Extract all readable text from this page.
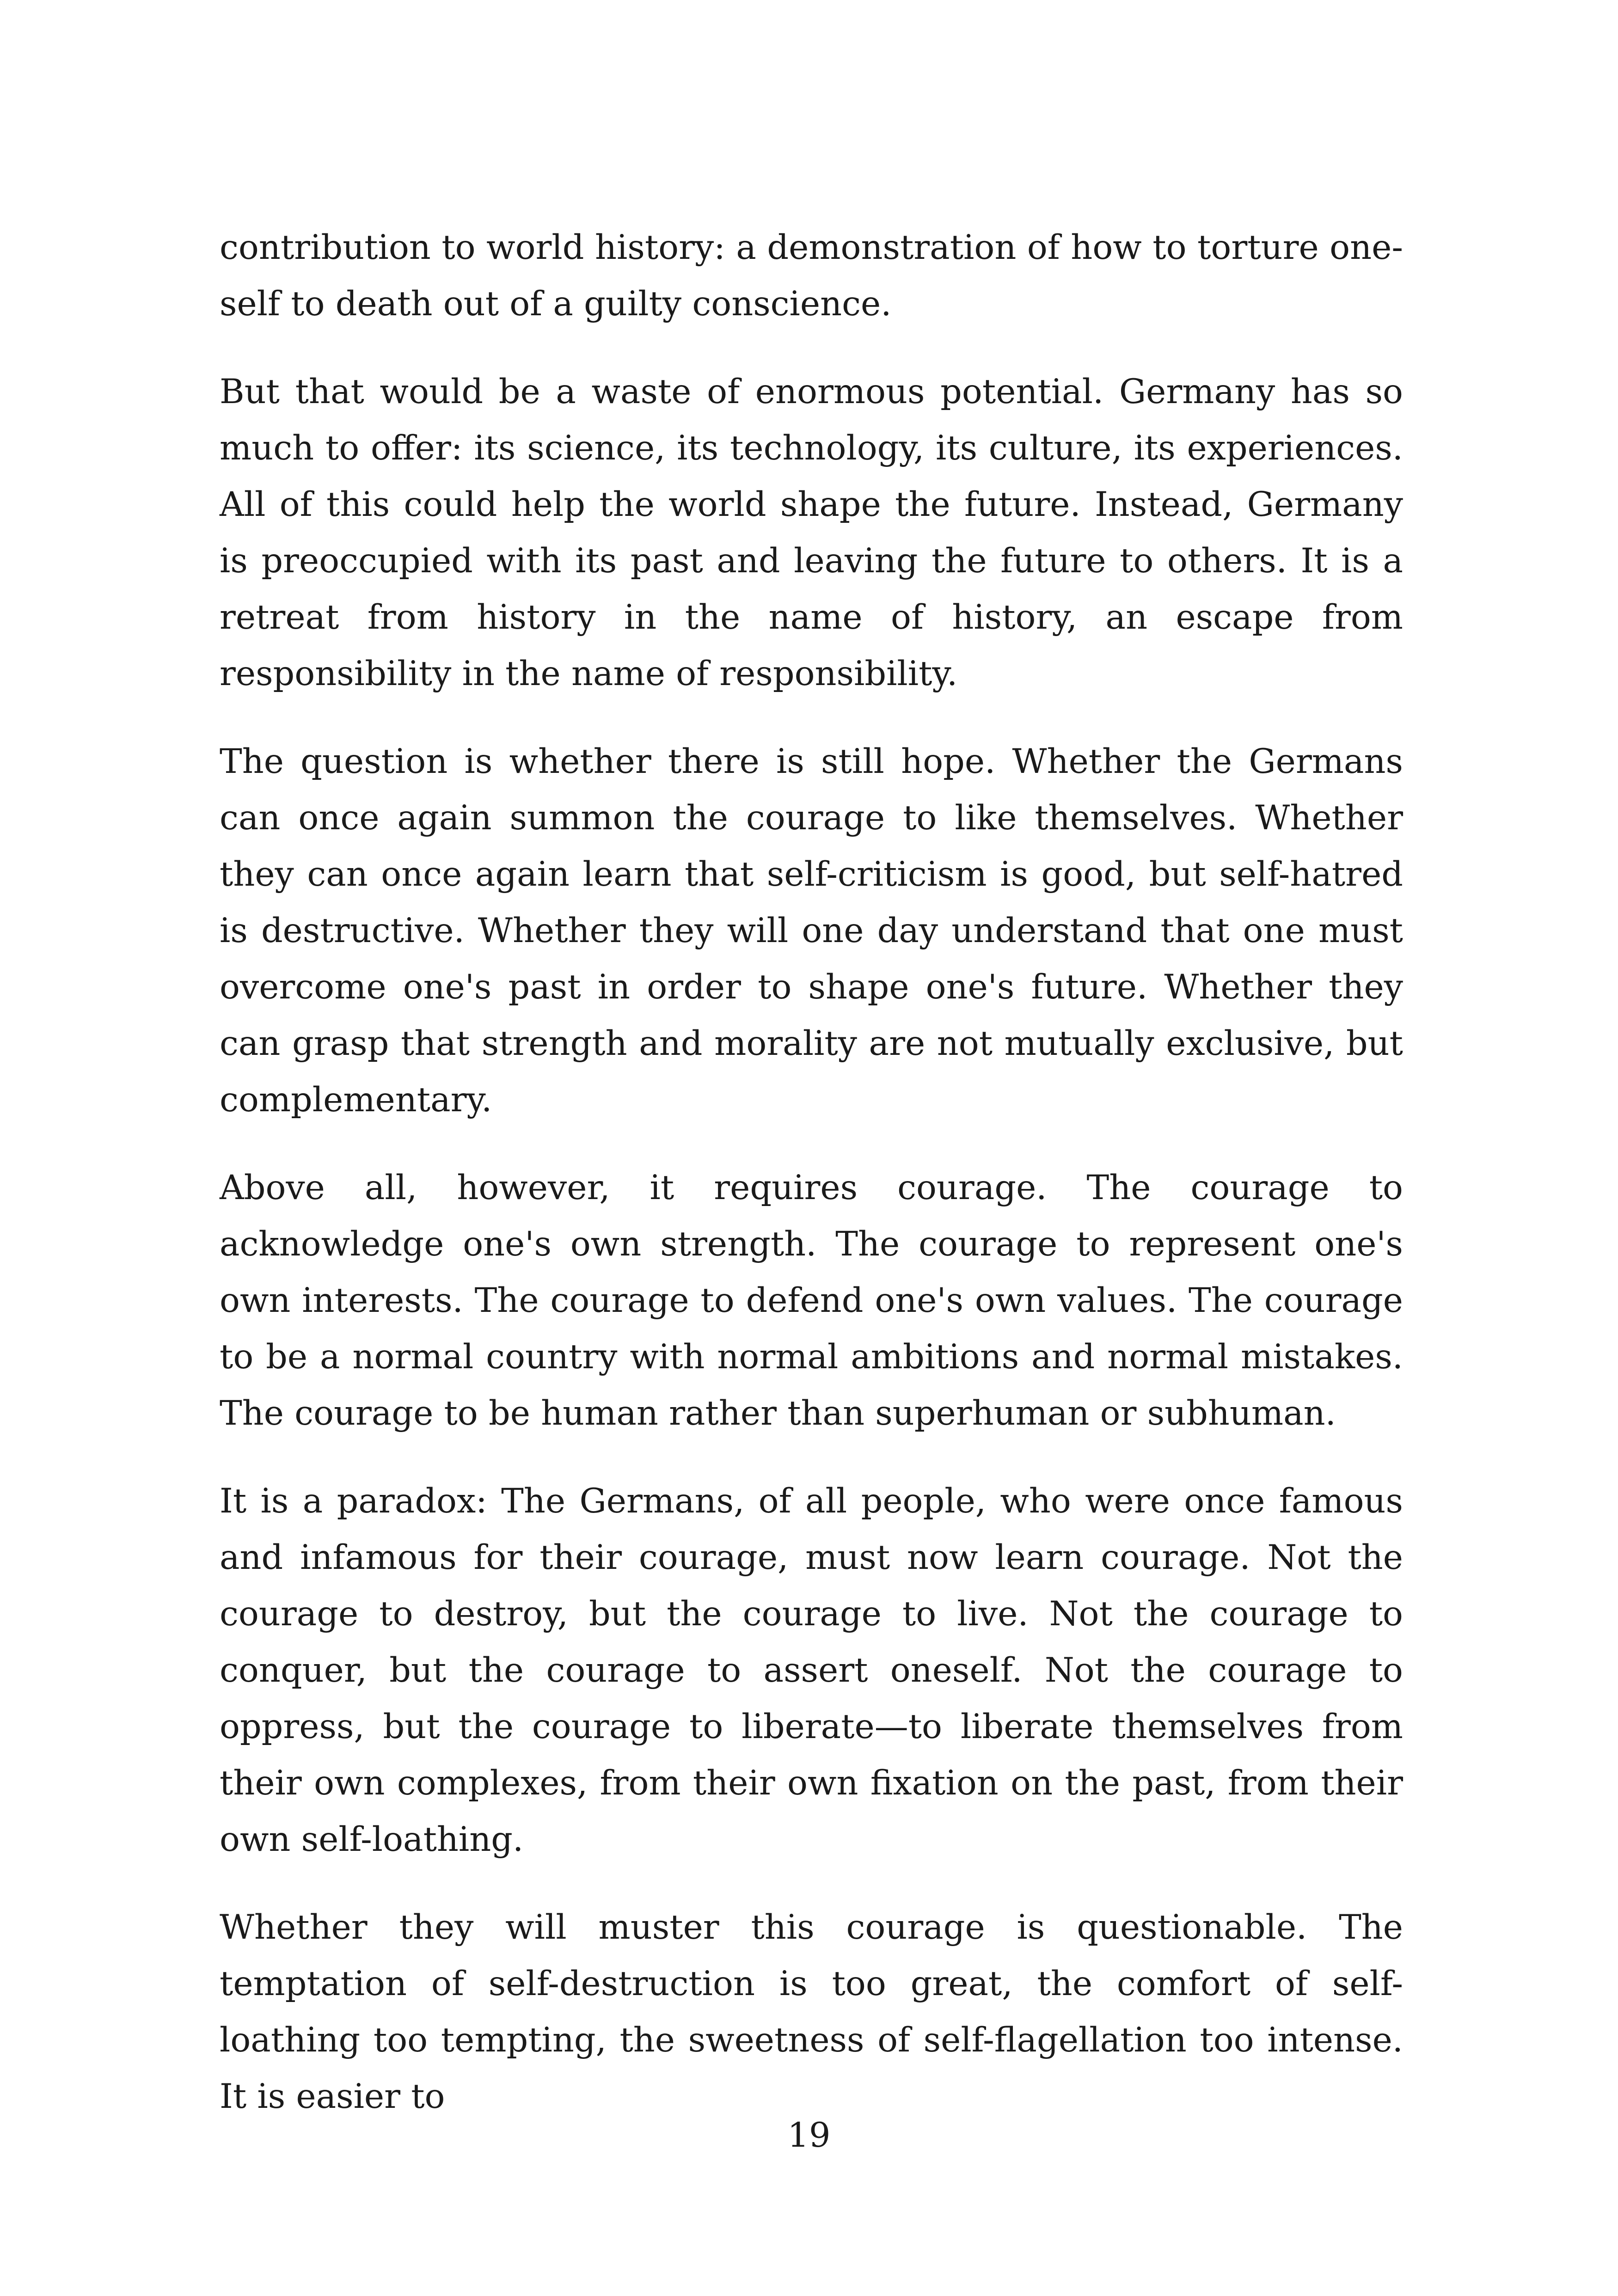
contribution to world history: a demonstration of how to torture one-self to death out of a guilty conscience.

But that would be a waste of enormous potential. Germany has so much to offer: its science, its technology, its culture, its experiences. All of this could help the world shape the future. Instead, Germany is preoccupied with its past and leaving the future to others. It is a retreat from history in the name of history, an escape from responsibility in the name of responsibility.

The question is whether there is still hope. Whether the Germans can once again summon the courage to like themselves. Whether they can once again learn that self-criticism is good, but self-hatred is destructive. Whether they will one day understand that one must overcome one's past in order to shape one's future. Whether they can grasp that strength and morality are not mutually exclusive, but complementary.

Above all, however, it requires courage. The courage to acknowledge one's own strength. The courage to represent one's own interests. The courage to defend one's own values. The courage to be a normal country with normal ambitions and normal mistakes. The courage to be human rather than superhuman or subhuman.

It is a paradox: The Germans, of all people, who were once famous and infamous for their courage, must now learn courage. Not the courage to destroy, but the courage to live. Not the courage to conquer, but the courage to assert oneself. Not the courage to oppress, but the courage to liberate—to liberate themselves from their own complexes, from their own fixation on the past, from their own self-loathing.

Whether they will muster this courage is questionable. The temptation of self-destruction is too great, the comfort of self-loathing too tempting, the sweetness of self-flagellation too intense. It is easier to

19
